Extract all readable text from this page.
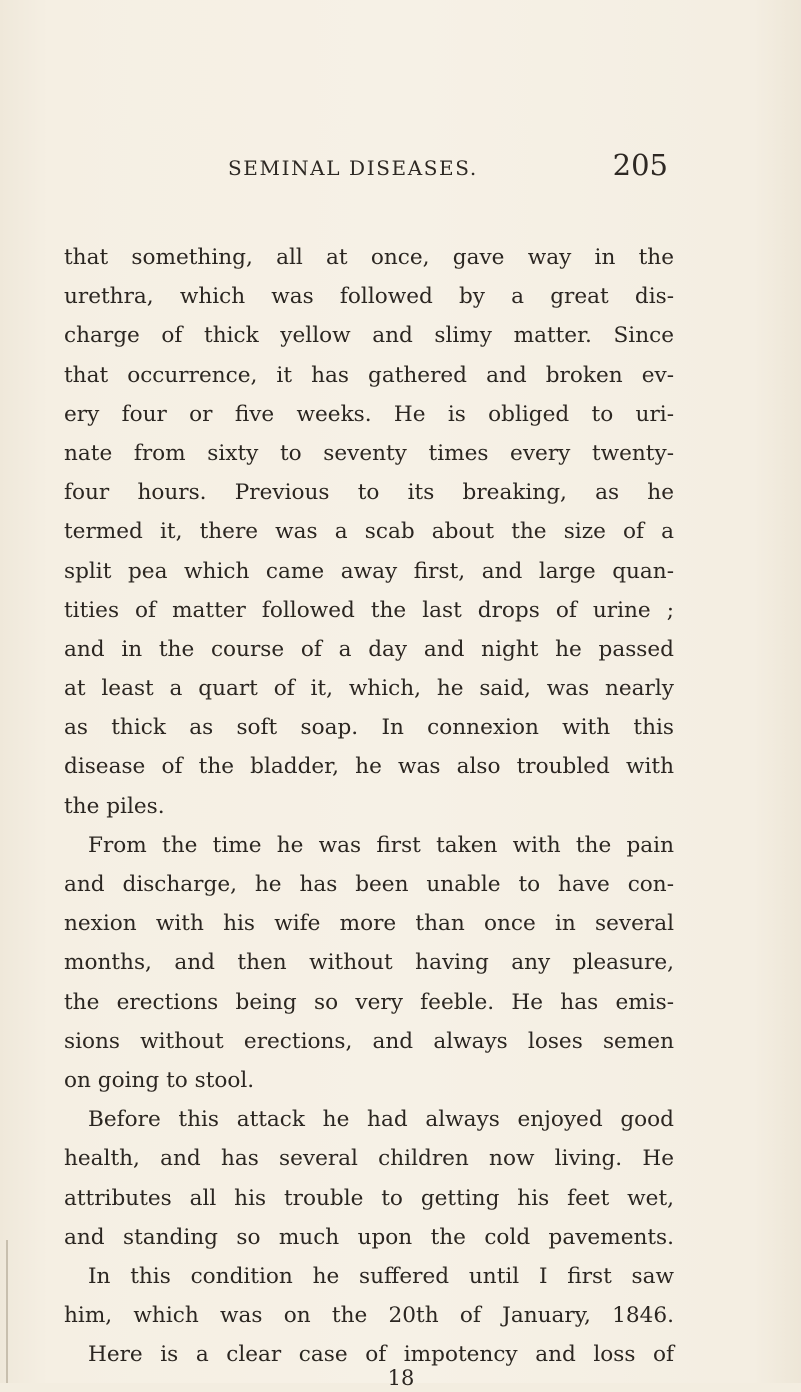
SEMINAL DISEASES.	205
that something, all at once, gave way in the
urethra, which was followed by a great dis-
charge of thick yellow and slimy matter. Since
that occurrence, it has gathered and broken ev-
ery four or five weeks. He is obliged to uri-
nate from sixty to seventy times every twenty-
four hours. Previous to its breaking, as he
termed it, there was a scab about the size of a
split pea which came away first, and large quan-
tities of matter followed the last drops of urine ;
and in the course of a day and night he passed
at least a quart of it, which, he said, was nearly
as thick as soft soap. In connexion with this
disease of the bladder, he was also troubled with
the piles.
From the time he was first taken with the pain
and discharge, he has been unable to have con-
nexion with his wife more than once in several
months, and then without having any pleasure,
the erections being so very feeble. He has emis-
sions without erections, and always loses semen
on going to stool.
Before this attack he had always enjoyed good
health, and has several children now living. He
attributes all his trouble to getting his feet wet,
and standing so much upon the cold pavements.
In this condition he suffered until I first saw
him, which was on the 20th of January, 1846.
Here is a clear case of impotency and loss of
18
